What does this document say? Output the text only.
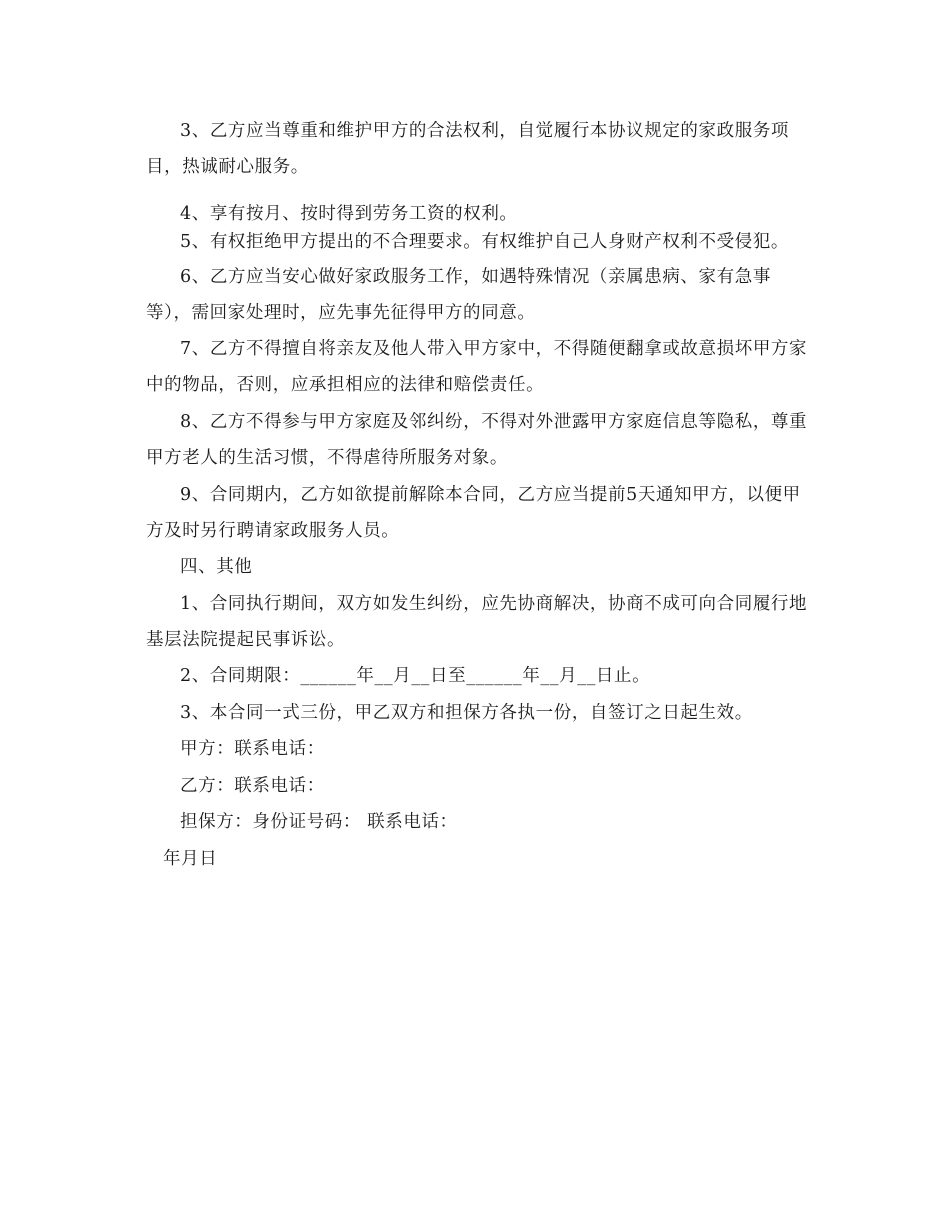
3、乙方应当尊重和维护甲方的合法权利，自觉履行本协议规定的家政服务项目，热诚耐心服务。

4、享有按月、按时得到劳务工资的权利。

5、有权拒绝甲方提出的不合理要求。有权维护自己人身财产权利不受侵犯。

6、乙方应当安心做好家政服务工作，如遇特殊情况（亲属患病、家有急事等），需回家处理时，应先事先征得甲方的同意。

7、乙方不得擅自将亲友及他人带入甲方家中，不得随便翻拿或故意损坏甲方家中的物品，否则，应承担相应的法律和赔偿责任。

8、乙方不得参与甲方家庭及邻纠纷，不得对外泄露甲方家庭信息等隐私，尊重甲方老人的生活习惯，不得虐待所服务对象。

9、合同期内，乙方如欲提前解除本合同，乙方应当提前5天通知甲方，以便甲方及时另行聘请家政服务人员。

四、其他

1、合同执行期间，双方如发生纠纷，应先协商解决，协商不成可向合同履行地基层法院提起民事诉讼。

2、合同期限：______年__月__日至______年__月__日止。

3、本合同一式三份，甲乙双方和担保方各执一份，自签订之日起生效。

甲方：联系电话：

乙方：联系电话：

担保方：身份证号码： 联系电话：

年月日
